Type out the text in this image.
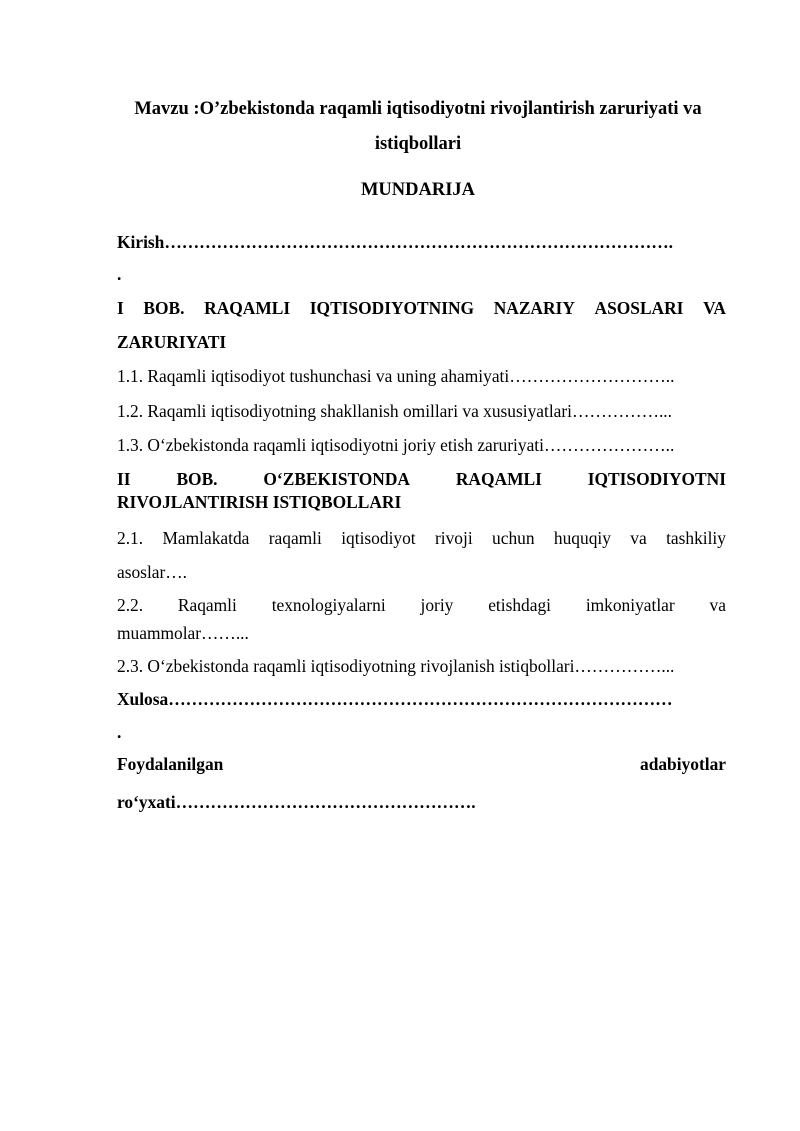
Mavzu :O’zbekistonda raqamli iqtisodiyotni rivojlantirish zaruriyati va

istiqbollari

MUNDARIJA

Kirish…………………………………………………………………………….

.

I BOB. RAQAMLI IQTISODIYOTNING NAZARIY ASOSLARI VA

ZARURIYATI

1.1. Raqamli iqtisodiyot tushunchasi va uning ahamiyati………………………..

1.2. Raqamli iqtisodiyotning shakllanish omillari va xususiyatlari……………...

1.3. O‘zbekistonda raqamli iqtisodiyotni joriy etish zaruriyati…………………..

II	BOB.	O‘ZBEKISTONDA	RAQAMLI	IQTISODIYOTNI

RIVOJLANTIRISH ISTIQBOLLARI

2.1. Mamlakatda raqamli iqtisodiyot rivoji uchun huquqiy va tashkiliy

asoslar….

2.2. Raqamli texnologiyalarni joriy etishdagi imkoniyatlar va

muammolar……...

2.3. O‘zbekistonda raqamli iqtisodiyotning rivojlanish istiqbollari……………...

Xulosa……………………………………………………………………………

.

Foydalanilgan	adabiyotlar

ro‘yxati…………………………………………….
